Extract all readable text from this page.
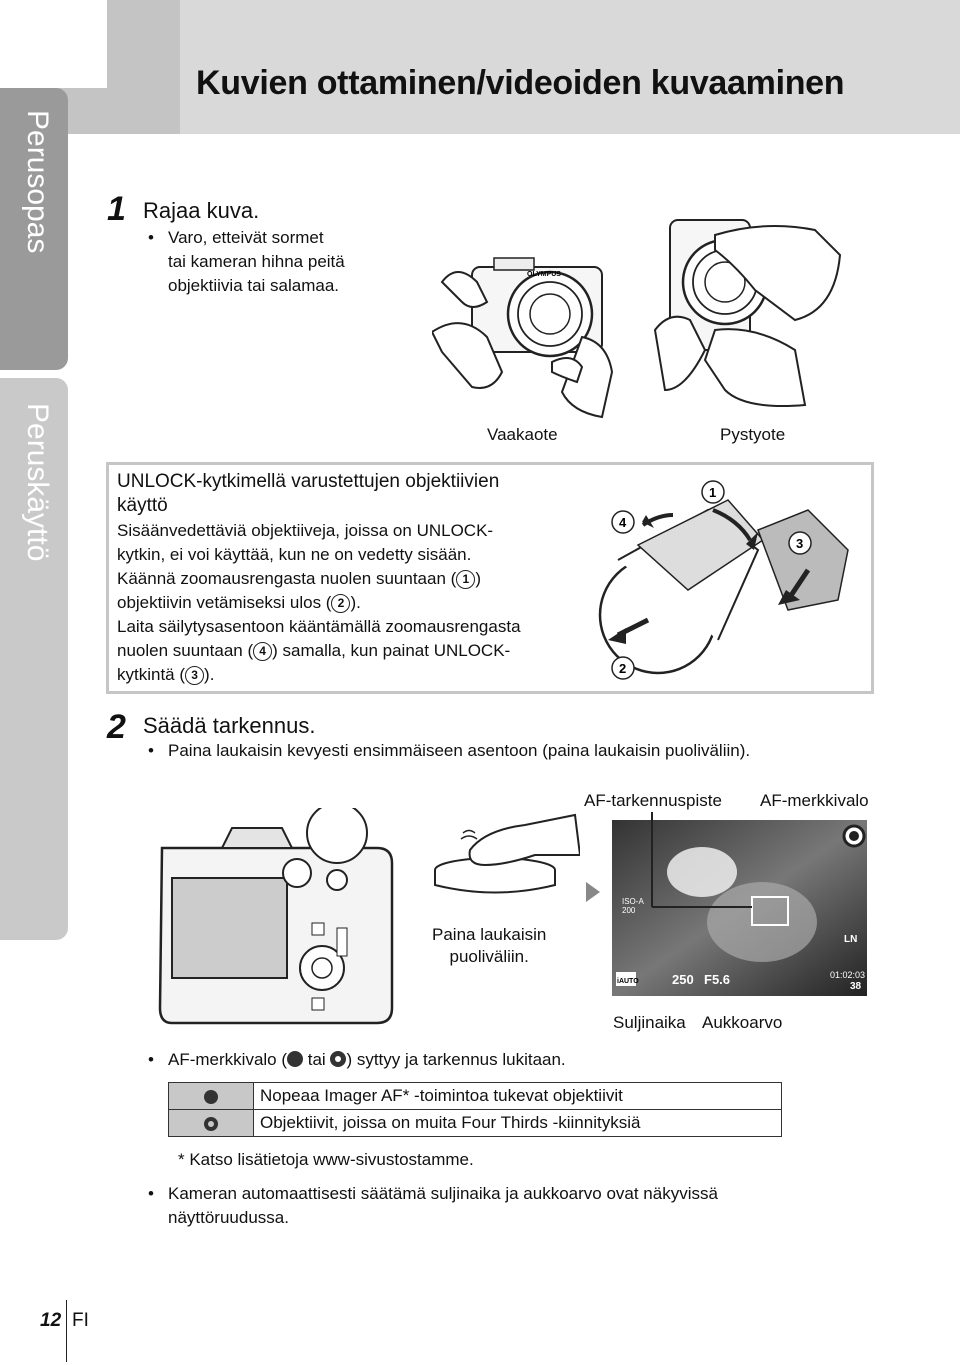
Kuvien ottaminen/videoiden kuvaaminen
Perusopas
Peruskäyttö
1 Rajaa kuva.
• Varo, etteivät sormet
tai kameran hihna peitä
objektiivia tai salamaa.
OLYMPUS
Vaakaote	Pystyote
UNLOCK-kytkimellä varustettujen objektiivien
käyttö
Sisäänvedettäviä objektiiveja, joissa on UNLOCK-
kytkin, ei voi käyttää, kun ne on vedetty sisään.
Käännä zoomausrengasta nuolen suuntaan ( 1 )
objektiivin vetämiseksi ulos ( 2 ).
Laita säilytysasentoon kääntämällä zoomausrengasta
nuolen suuntaan ( 4 ) samalla, kun painat UNLOCK-
kytkintä ( 3 ).
1
2
3
4
2 Säädä tarkennus.
• Paina laukaisin kevyesti ensimmäiseen asentoon (paina laukaisin puoliväliin).
Paina laukaisin
puoliväliin.
AF-tarkennuspiste AF-merkkivalo
ISO-A
200
LN
iAUTO	250 F5.6	01:02:03
38
Suljinaika Aukkoarvo
• AF-merkkivalo ( tai ) syttyy ja tarkennus lukitaan.
	Nopeaa Imager AF* -toimintoa tukevat objektiivit
	Objektiivit, joissa on muita Four Thirds -kiinnityksiä
* Katso lisätietoja www-sivustostamme.
• Kameran automaattisesti säätämä suljinaika ja aukkoarvo ovat näkyvissä
näyttöruudussa.
12 FI
